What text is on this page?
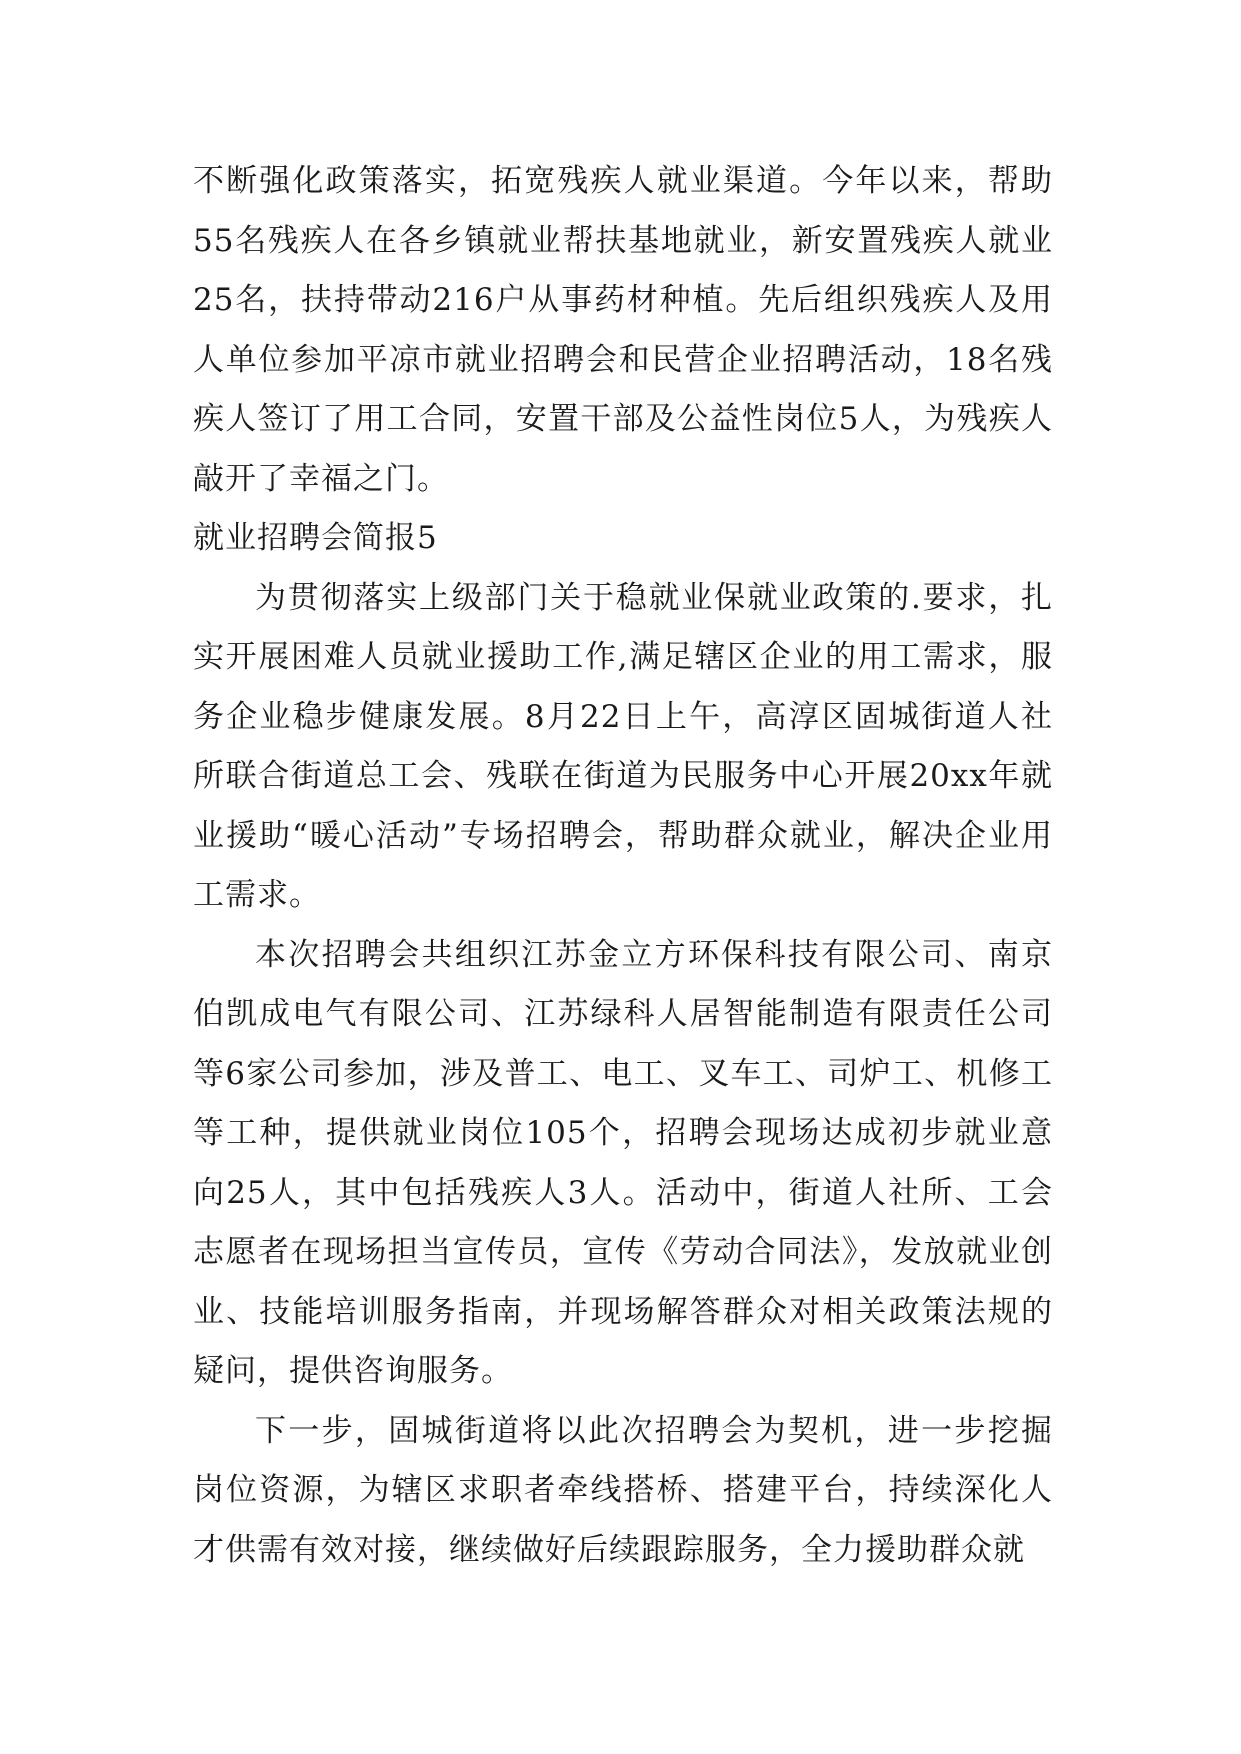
不断强化政策落实，拓宽残疾人就业渠道。今年以来，帮助55名残疾人在各乡镇就业帮扶基地就业，新安置残疾人就业25名，扶持带动216户从事药材种植。先后组织残疾人及用人单位参加平凉市就业招聘会和民营企业招聘活动，18名残疾人签订了用工合同，安置干部及公益性岗位5人，为残疾人敲开了幸福之门。

就业招聘会简报5

为贯彻落实上级部门关于稳就业保就业政策的.要求，扎实开展困难人员就业援助工作,满足辖区企业的用工需求，服务企业稳步健康发展。8月22日上午，高淳区固城街道人社所联合街道总工会、残联在街道为民服务中心开展20xx年就业援助“暖心活动”专场招聘会，帮助群众就业，解决企业用工需求。

本次招聘会共组织江苏金立方环保科技有限公司、南京伯凯成电气有限公司、江苏绿科人居智能制造有限责任公司等6家公司参加，涉及普工、电工、叉车工、司炉工、机修工等工种，提供就业岗位105个，招聘会现场达成初步就业意向25人，其中包括残疾人3人。活动中，街道人社所、工会志愿者在现场担当宣传员，宣传《劳动合同法》，发放就业创业、技能培训服务指南，并现场解答群众对相关政策法规的疑问，提供咨询服务。

下一步，固城街道将以此次招聘会为契机，进一步挖掘岗位资源，为辖区求职者牵线搭桥、搭建平台，持续深化人才供需有效对接，继续做好后续跟踪服务，全力援助群众就
